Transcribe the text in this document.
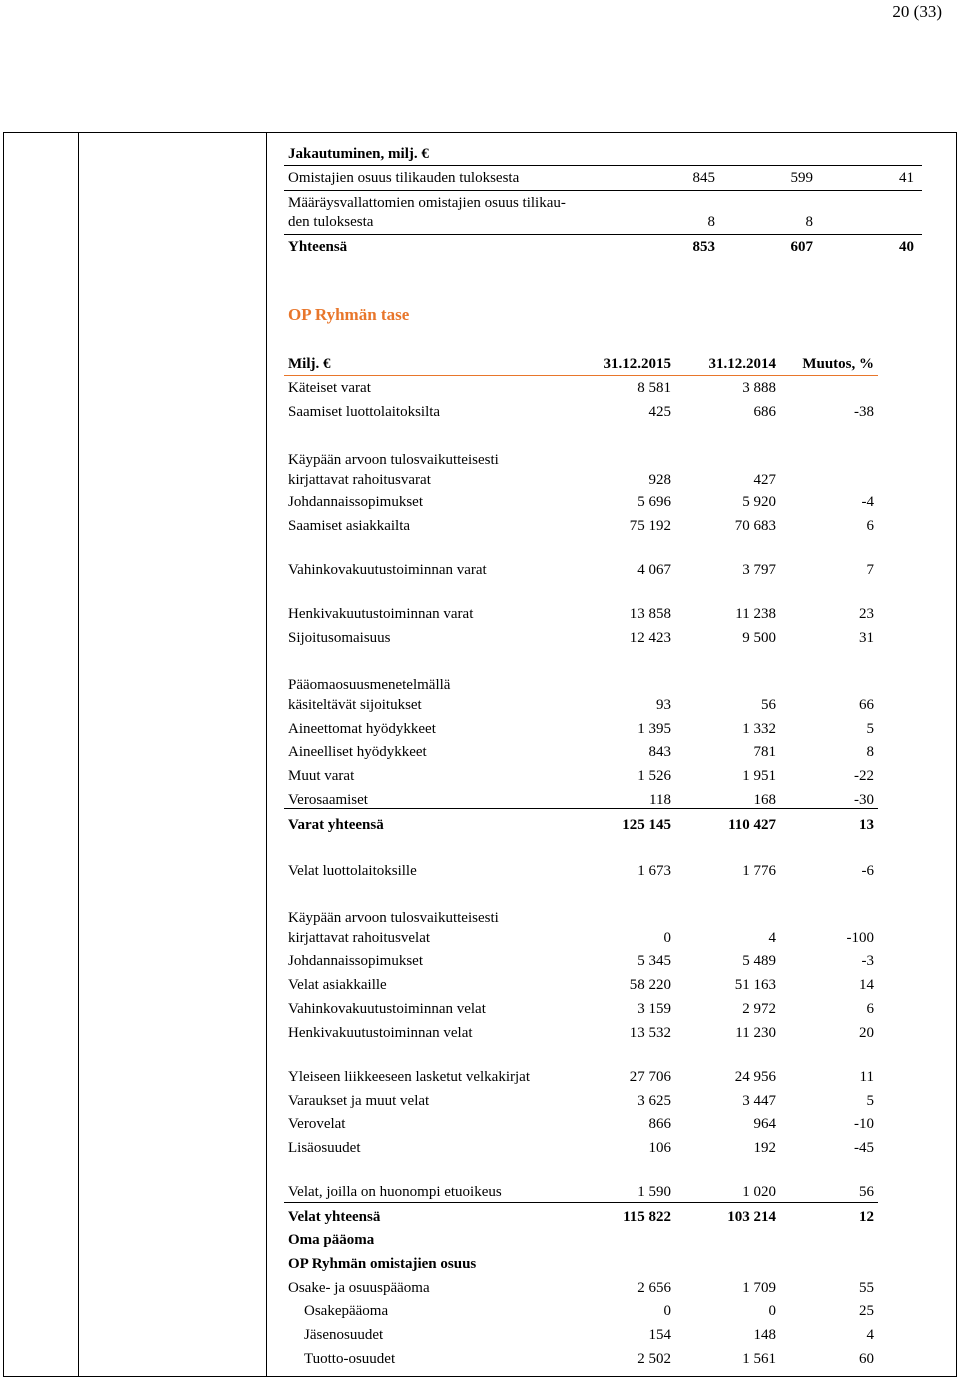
20 (33)
Jakautuminen, milj. €
Omistajien osuus tilikauden tuloksesta	845	599	41
Määräysvallattomien omistajien osuus tilikau-
den tuloksesta	8	8
Yhteensä	853	607	40
OP Ryhmän tase
Milj. €	31.12.2015	31.12.2014 Muutos, %
Käteiset varat	8 581	3 888
Saamiset luottolaitoksilta	425	686	-38
Käypään arvoon tulosvaikutteisesti
kirjattavat rahoitusvarat	928	427
Johdannaissopimukset	5 696	5 920	-4
Saamiset asiakkailta	75 192	70 683	6
Vahinkovakuutustoiminnan varat	4 067	3 797	7
Henkivakuutustoiminnan varat	13 858	11 238	23
Sijoitusomaisuus	12 423	9 500	31
Pääomaosuusmenetelmällä
käsiteltävät sijoitukset	93	56	66
Aineettomat hyödykkeet	1 395	1 332	5
Aineelliset hyödykkeet	843	781	8
Muut varat	1 526	1 951	-22
Verosaamiset	118	168	-30
Varat yhteensä	125 145	110 427	13
Velat luottolaitoksille	1 673	1 776	-6
Käypään arvoon tulosvaikutteisesti
kirjattavat rahoitusvelat	0	4	-100
Johdannaissopimukset	5 345	5 489	-3
Velat asiakkaille	58 220	51 163	14
Vahinkovakuutustoiminnan velat	3 159	2 972	6
Henkivakuutustoiminnan velat	13 532	11 230	20
Yleiseen liikkeeseen lasketut velkakirjat	27 706	24 956	11
Varaukset ja muut velat	3 625	3 447	5
Verovelat	866	964	-10
Lisäosuudet	106	192	-45
Velat, joilla on huonompi etuoikeus	1 590	1 020	56
Velat yhteensä	115 822	103 214	12
Oma pääoma
OP Ryhmän omistajien osuus
Osake- ja osuuspääoma	2 656	1 709	55
Osakepääoma	0	0	25
Jäsenosuudet	154	148	4
Tuotto-osuudet	2 502	1 561	60
